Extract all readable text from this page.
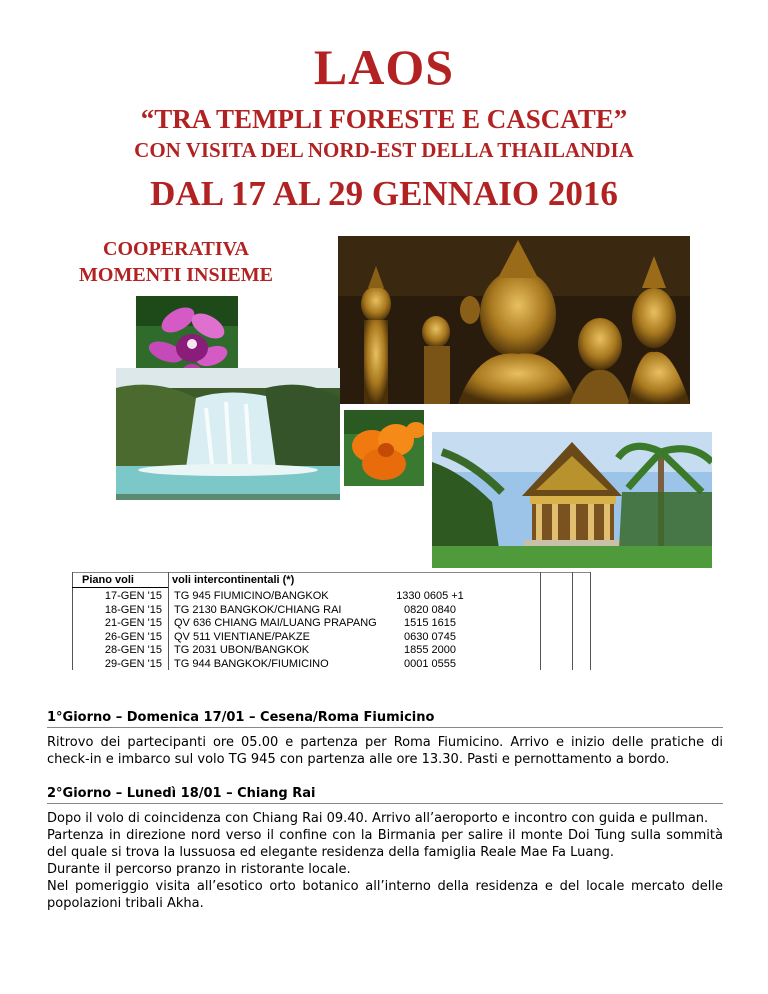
LAOS
“TRA TEMPLI FORESTE E CASCATE”
CON VISITA DEL NORD-EST DELLA THAILANDIA
DAL 17 AL 29 GENNAIO 2016
COOPERATIVA
MOMENTI INSIEME
Piano voli	voli intercontinentali (*)
17-GEN '15 TG 945 FIUMICINO/BANGKOK	1330 0605 +1
18-GEN '15 TG 2130 BANGKOK/CHIANG RAI	0820 0840
21-GEN '15 QV 636 CHIANG MAI/LUANG PRAPANG	1515 1615
26-GEN '15 QV 511 VIENTIANE/PAKZE	0630 0745
28-GEN '15 TG 2031 UBON/BANGKOK	1855 2000
29-GEN '15 TG 944 BANGKOK/FIUMICINO	0001 0555
1°Giorno – Domenica 17/01 – Cesena/Roma Fiumicino

Ritrovo dei partecipanti ore 05.00 e partenza per Roma Fiumicino. Arrivo e inizio delle pratiche di check-in e imbarco sul volo TG 945 con partenza alle ore 13.30. Pasti e pernottamento a bordo.

2°Giorno – Lunedì 18/01 – Chiang Rai

Dopo il volo di coincidenza con Chiang Rai 09.40. Arrivo all’aeroporto e incontro con guida e pullman.

Partenza in direzione nord verso il confine con la Birmania per salire il monte Doi Tung sulla sommità del quale si trova la lussuosa ed elegante residenza della famiglia Reale Mae Fa Luang.

Durante il percorso pranzo in ristorante locale.

Nel pomeriggio visita all’esotico orto botanico all’interno della residenza e del locale mercato delle popolazioni tribali Akha.
